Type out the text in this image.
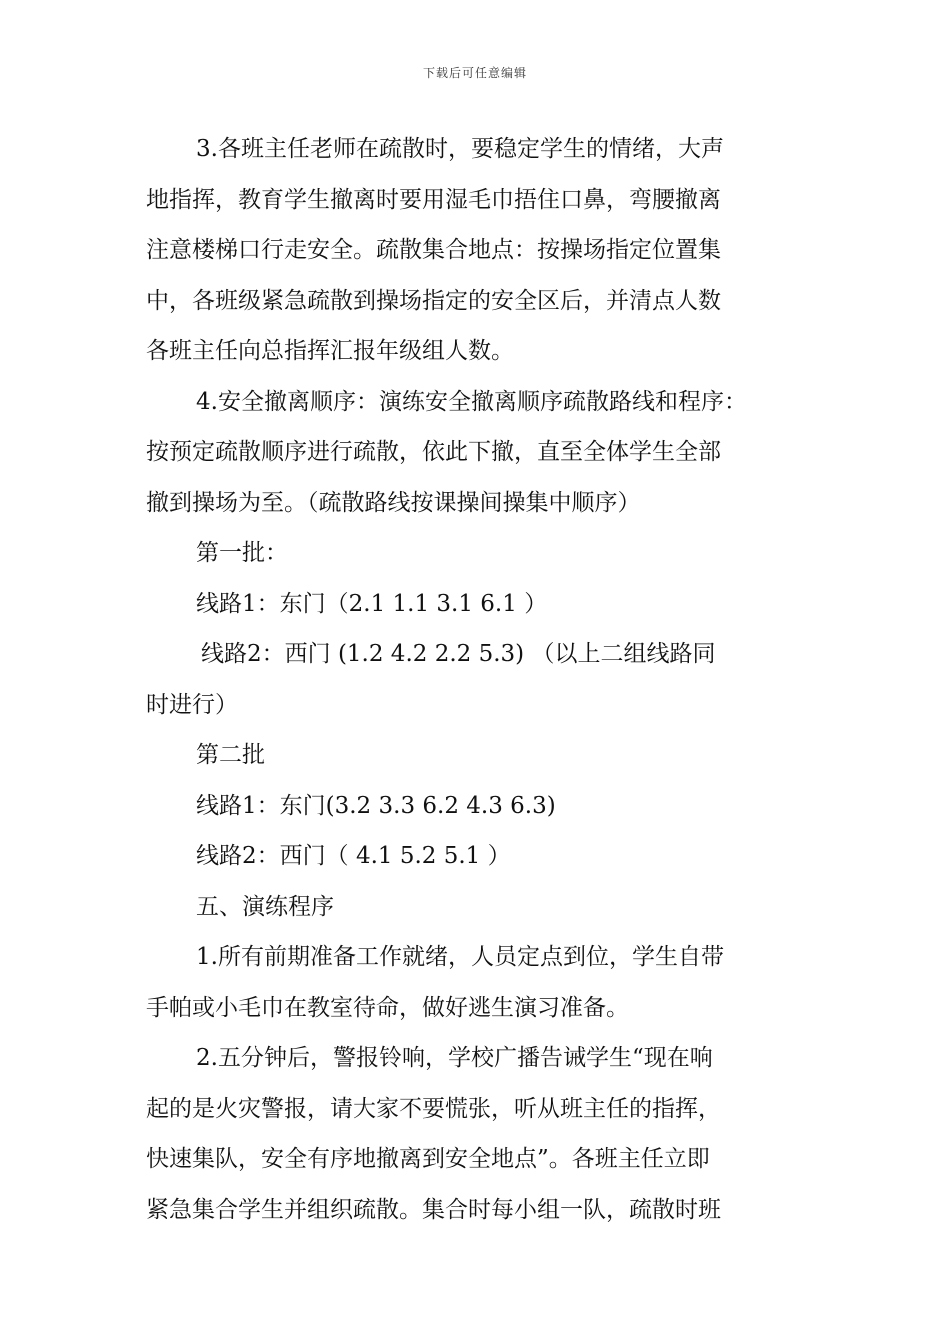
下载后可任意编辑
3.各班主任老师在疏散时，要稳定学生的情绪，大声
地指挥，教育学生撤离时要用湿毛巾捂住口鼻，弯腰撤离
注意楼梯口行走安全。疏散集合地点：按操场指定位置集
中，各班级紧急疏散到操场指定的安全区后，并清点人数
各班主任向总指挥汇报年级组人数。
4.安全撤离顺序：演练安全撤离顺序疏散路线和程序：
按预定疏散顺序进行疏散，依此下撤，直至全体学生全部
撤到操场为至。（疏散路线按课操间操集中顺序）
第一批：
线路1：东门（2.1 1.1 3.1 6.1 ）
线路2：西门 (1.2 4.2 2.2 5.3) （以上二组线路同
时进行）
第二批
线路1：东门(3.2 3.3 6.2 4.3 6.3)
线路2：西门（ 4.1 5.2 5.1 ）
五、演练程序
1.所有前期准备工作就绪，人员定点到位，学生自带
手帕或小毛巾在教室待命，做好逃生演习准备。
2.五分钟后，警报铃响，学校广播告诫学生“现在响
起的是火灾警报，请大家不要慌张，听从班主任的指挥，
快速集队，安全有序地撤离到安全地点”。各班主任立即
紧急集合学生并组织疏散。集合时每小组一队，疏散时班
